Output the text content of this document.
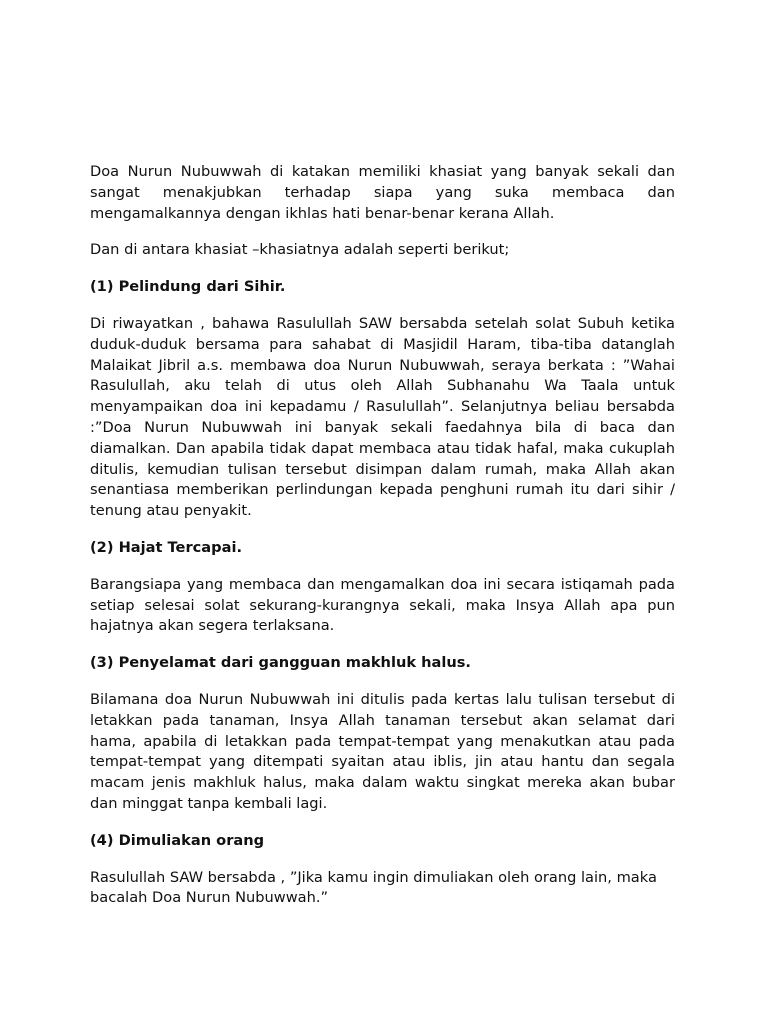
Doa Nurun Nubuwwah di katakan memiliki khasiat yang banyak sekali dan sangat menakjubkan terhadap siapa yang suka membaca dan mengamalkannya dengan ikhlas hati benar-benar kerana Allah.

Dan di antara khasiat –khasiatnya adalah seperti berikut;

(1) Pelindung dari Sihir.

Di riwayatkan , bahawa Rasulullah SAW bersabda setelah solat Subuh ketika duduk-duduk bersama para sahabat di Masjidil Haram, tiba-tiba datanglah Malaikat Jibril a.s. membawa doa Nurun Nubuwwah, seraya berkata : ”Wahai Rasulullah, aku telah di utus oleh Allah Subhanahu Wa Taala untuk menyampaikan doa ini kepadamu / Rasulullah”. Selanjutnya beliau bersabda :”Doa Nurun Nubuwwah ini banyak sekali faedahnya bila di baca dan diamalkan. Dan apabila tidak dapat membaca atau tidak hafal, maka cukuplah ditulis, kemudian tulisan tersebut disimpan dalam rumah, maka Allah akan senantiasa memberikan perlindungan kepada penghuni rumah itu dari sihir / tenung atau penyakit.

(2) Hajat Tercapai.

Barangsiapa yang membaca dan mengamalkan doa ini secara istiqamah pada setiap selesai solat sekurang-kurangnya sekali, maka Insya Allah apa pun hajatnya akan segera terlaksana.

(3) Penyelamat dari gangguan makhluk halus.

Bilamana doa Nurun Nubuwwah ini ditulis pada kertas lalu tulisan tersebut di letakkan pada tanaman, Insya Allah tanaman tersebut akan selamat dari hama, apabila di letakkan pada tempat-tempat yang menakutkan atau pada tempat-tempat yang ditempati syaitan atau iblis, jin atau hantu dan segala macam jenis makhluk halus, maka dalam waktu singkat mereka akan bubar dan minggat tanpa kembali lagi.

(4) Dimuliakan orang

Rasulullah SAW bersabda , ”Jika kamu ingin dimuliakan oleh orang lain, maka bacalah Doa Nurun Nubuwwah.”
